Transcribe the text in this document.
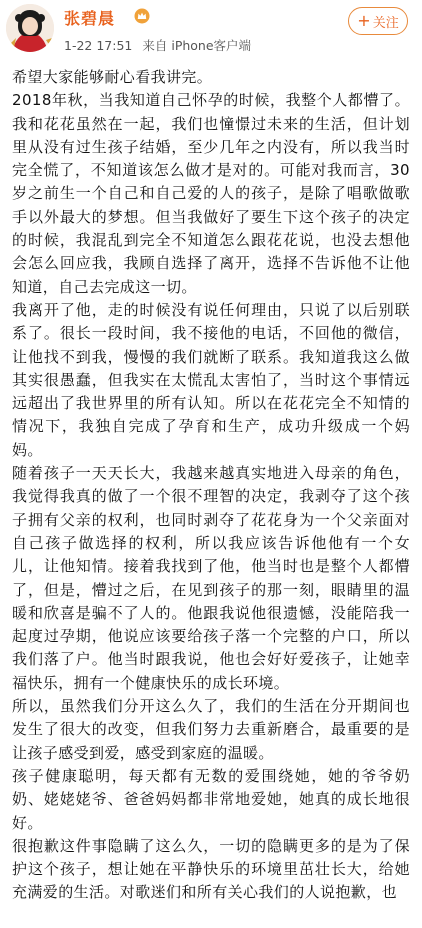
张碧晨
1-22 17:51 来自 iPhone客户端
+ 关注

希望大家能够耐心看我讲完。

2018年秋，当我知道自己怀孕的时候，我整个人都懵了。我和花花虽然在一起，我们也憧憬过未来的生活，但计划里从没有过生孩子结婚，至少几年之内没有，所以我当时完全慌了，不知道该怎么做才是对的。可能对我而言，30岁之前生一个自己和自己爱的人的孩子，是除了唱歌做歌手以外最大的梦想。但当我做好了要生下这个孩子的决定的时候，我混乱到完全不知道怎么跟花花说，也没去想他会怎么回应我，我顾自选择了离开，选择不告诉他不让他知道，自己去完成这一切。

我离开了他，走的时候没有说任何理由，只说了以后别联系了。很长一段时间，我不接他的电话，不回他的微信，让他找不到我，慢慢的我们就断了联系。我知道我这么做其实很愚蠢，但我实在太慌乱太害怕了，当时这个事情远远超出了我世界里的所有认知。所以在花花完全不知情的情况下，我独自完成了孕育和生产，成功升级成一个妈妈。

随着孩子一天天长大，我越来越真实地进入母亲的角色，我觉得我真的做了一个很不理智的决定，我剥夺了这个孩子拥有父亲的权利，也同时剥夺了花花身为一个父亲面对自己孩子做选择的权利，所以我应该告诉他他有一个女儿，让他知情。接着我找到了他，他当时也是整个人都懵了，但是，懵过之后，在见到孩子的那一刻，眼睛里的温暖和欣喜是骗不了人的。他跟我说他很遗憾，没能陪我一起度过孕期，他说应该要给孩子落一个完整的户口，所以我们落了户。他当时跟我说，他也会好好爱孩子，让她幸福快乐，拥有一个健康快乐的成长环境。

所以，虽然我们分开这么久了，我们的生活在分开期间也发生了很大的改变，但我们努力去重新磨合，最重要的是让孩子感受到爱，感受到家庭的温暖。

孩子健康聪明，每天都有无数的爱围绕她，她的爷爷奶奶、姥姥姥爷、爸爸妈妈都非常地爱她，她真的成长地很好。

很抱歉这件事隐瞒了这么久，一切的隐瞒更多的是为了保护这个孩子，想让她在平静快乐的环境里茁壮长大，给她充满爱的生活。对歌迷们和所有关心我们的人说抱歉，也
